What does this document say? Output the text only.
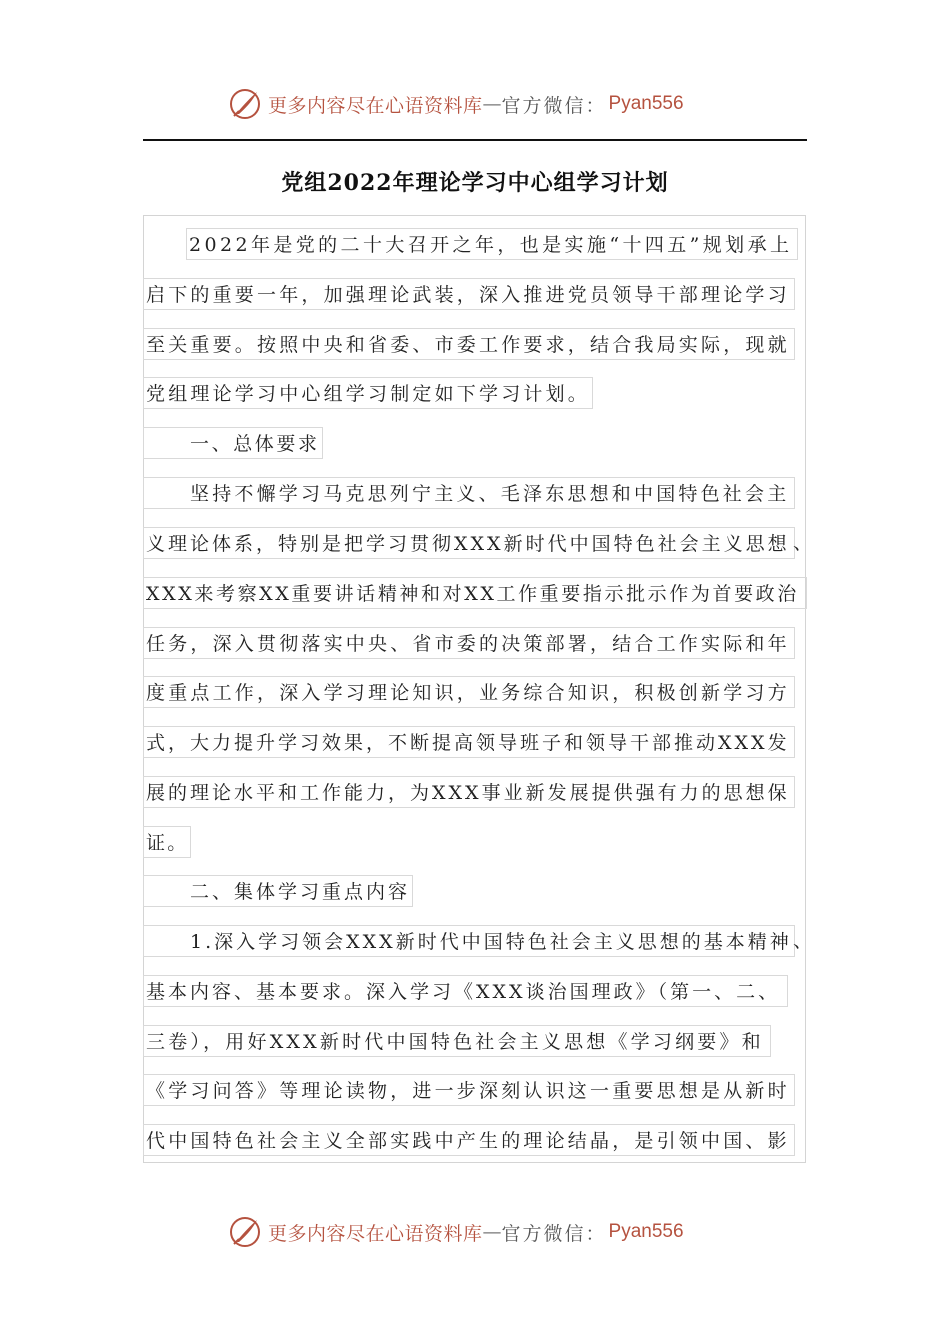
更多内容尽在心语资料库 — 官方微信： Pyan556
党组2022年理论学习中心组学习计划
2022年是党的二十大召开之年，也是实施“十四五”规划承上
启下的重要一年，加强理论武装，深入推进党员领导干部理论学习
至关重要。按照中央和省委、市委工作要求，结合我局实际，现就
党组理论学习中心组学习制定如下学习计划。
一、总体要求
坚持不懈学习马克思列宁主义、毛泽东思想和中国特色社会主
义理论体系，特别是把学习贯彻XXX新时代中国特色社会主义思想 、
XXX来考察XX重要讲话精神和对XX工作重要指示批示作为首要政治
任务，深入贯彻落实中央、省市委的决策部署，结合工作实际和年
度重点工作，深入学习理论知识，业务综合知识，积极创新学习方
式，大力提升学习效果，不断提高领导班子和领导干部推动XXX发
展的理论水平和工作能力，为XXX事业新发展提供强有力的思想保
证。
二、集体学习重点内容
1.深入学习领会XXX新时代中国特色社会主义思想的基本精神 、
基本内容、基本要求。深入学习《XXX谈治国理政》（第一、二、
三卷），用好XXX新时代中国特色社会主义思想《学习纲要》和
《学习问答》等理论读物，进一步深刻认识这一重要思想是从新时
代中国特色社会主义全部实践中产生的理论结晶，是引领中国、影
更多内容尽在心语资料库 — 官方微信： Pyan556
